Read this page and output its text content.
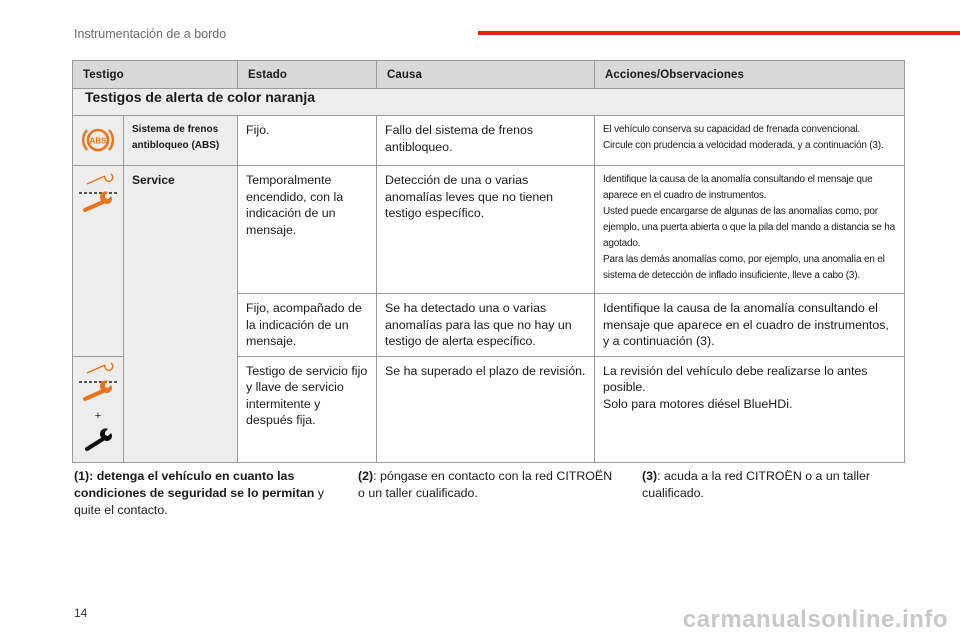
Instrumentación de a bordo
Testigo		Estado	Causa	Acciones/Observaciones
Testigos de alerta de color naranja				

ABS	Sistema de frenos antibloqueo (ABS)	Fijo.	Fallo del sistema de frenos antibloqueo.	El vehículo conserva su capacidad de frenada convencional.
Circule con prudencia a velocidad moderada, y a continuación (3).
	Service	Temporalmente encendido, con la indicación de un mensaje.	Detección de una o varias anomalías leves que no tienen testigo específico.	Identifique la causa de la anomalía consultando el mensaje que aparece en el cuadro de instrumentos.
Usted puede encargarse de algunas de las anomalías como, por ejemplo, una puerta abierta o que la pila del mando a distancia se ha agotado.
Para las demás anomalías como, por ejemplo, una anomalía en el sistema de detección de inflado insuficiente, lleve a cabo (3).
		Fijo, acompañado de la indicación de un mensaje.	Se ha detectado una o varias anomalías para las que no hay un testigo de alerta específico.	Identifique la causa de la anomalía consultando el mensaje que aparece en el cuadro de instrumentos, y a continuación (3).

+		Testigo de servicio fijo y llave de servicio intermitente y después fija.	Se ha superado el plazo de revisión.	La revisión del vehículo debe realizarse lo antes posible.
Solo para motores diésel BlueHDi.
(1): detenga el vehículo en cuanto las condiciones de seguridad se lo permitan y quite el contacto.
(2): póngase en contacto con la red CITROËN o un taller cualificado.
(3): acuda a la red CITROËN o a un taller cualificado.
14	carmanualsonline.info
